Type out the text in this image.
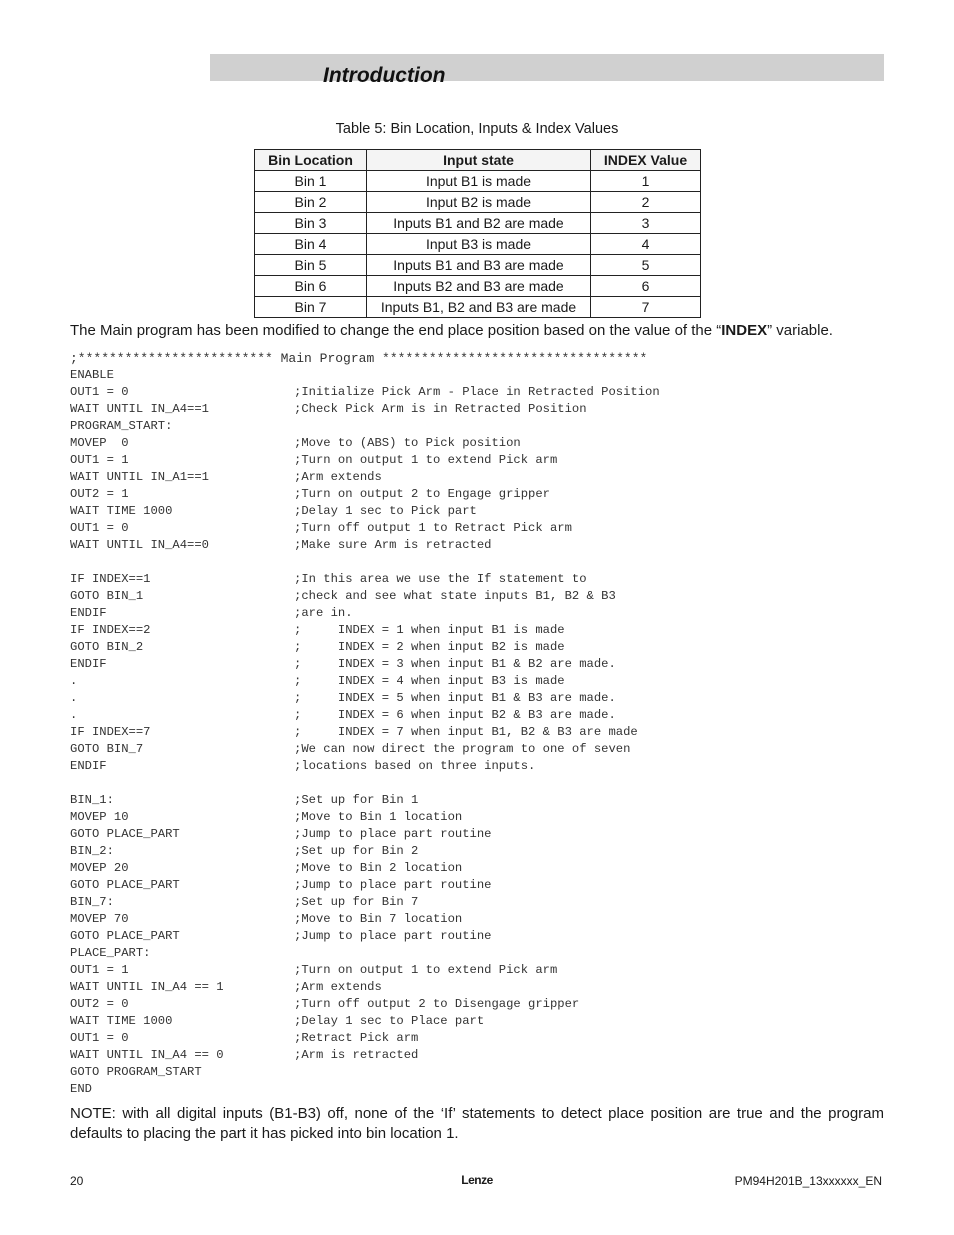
Introduction
Table 5: Bin Location, Inputs & Index Values
Bin Location	Input state	INDEX Value
Bin 1	Input B1 is made	1
Bin 2	Input B2 is made	2
Bin 3	Inputs B1 and B2 are made	3
Bin 4	Input B3 is made	4
Bin 5	Inputs B1 and B3 are made	5
Bin 6	Inputs B2 and B3 are made	6
Bin 7	Inputs B1, B2 and B3 are made	7
The Main program has been modified to change the end place position based on the value of the “INDEX” variable.
;************************* Main Program **********************************
ENABLE
OUT1 = 0	;Initialize Pick Arm - Place in Retracted Position
WAIT UNTIL IN_A4==1	;Check Pick Arm is in Retracted Position
PROGRAM_START:
MOVEP  0	;Move to (ABS) to Pick position
OUT1 = 1	;Turn on output 1 to extend Pick arm
WAIT UNTIL IN_A1==1	;Arm extends
OUT2 = 1	;Turn on output 2 to Engage gripper
WAIT TIME 1000	;Delay 1 sec to Pick part
OUT1 = 0	;Turn off output 1 to Retract Pick arm
WAIT UNTIL IN_A4==0	;Make sure Arm is retracted
IF INDEX==1	;In this area we use the If statement to
GOTO BIN_1	;check and see what state inputs B1, B2 & B3
ENDIF	;are in.
IF INDEX==2	;     INDEX = 1 when input B1 is made
GOTO BIN_2	;     INDEX = 2 when input B2 is made
ENDIF	;     INDEX = 3 when input B1 & B2 are made.
.	;     INDEX = 4 when input B3 is made
.	;     INDEX = 5 when input B1 & B3 are made.
.	;     INDEX = 6 when input B2 & B3 are made.
IF INDEX==7	;     INDEX = 7 when input B1, B2 & B3 are made
GOTO BIN_7	;We can now direct the program to one of seven
ENDIF	;locations based on three inputs.
BIN_1:	;Set up for Bin 1
MOVEP 10	;Move to Bin 1 location
GOTO PLACE_PART	;Jump to place part routine
BIN_2:	;Set up for Bin 2
MOVEP 20	;Move to Bin 2 location
GOTO PLACE_PART	;Jump to place part routine
BIN_7:	;Set up for Bin 7
MOVEP 70	;Move to Bin 7 location
GOTO PLACE_PART	;Jump to place part routine
PLACE_PART:
OUT1 = 1	;Turn on output 1 to extend Pick arm
WAIT UNTIL IN_A4 == 1	;Arm extends
OUT2 = 0	;Turn off output 2 to Disengage gripper
WAIT TIME 1000	;Delay 1 sec to Place part
OUT1 = 0	;Retract Pick arm
WAIT UNTIL IN_A4 == 0	;Arm is retracted
GOTO PROGRAM_START
END
NOTE: with all digital inputs (B1-B3) off, none of the ‘If’ statements to detect place position are true and the program defaults to placing the part it has picked into bin location 1.
20	Lenze	PM94H201B_13xxxxxx_EN
